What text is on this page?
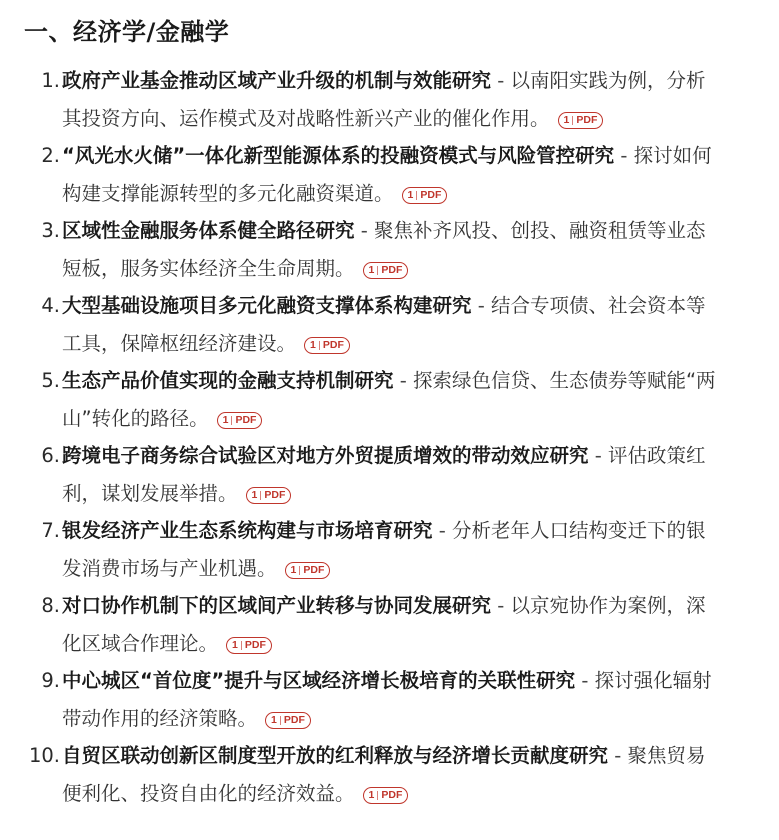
一、经济学/金融学
1. 政府产业基金推动区域产业升级的机制与效能研究 - 以南阳实践为例，分析其投资方向、运作模式及对战略性新兴产业的催化作用。 1 PDF
2. “风光水火储”一体化新型能源体系的投融资模式与风险管控研究 - 探讨如何构建支撑能源转型的多元化融资渠道。 1 PDF
3. 区域性金融服务体系健全路径研究 - 聚焦补齐风投、创投、融资租赁等业态短板，服务实体经济全生命周期。 1 PDF
4. 大型基础设施项目多元化融资支撑体系构建研究 - 结合专项债、社会资本等工具，保障枢纽经济建设。 1 PDF
5. 生态产品价值实现的金融支持机制研究 - 探索绿色信贷、生态债券等赋能“两山”转化的路径。 1 PDF
6. 跨境电子商务综合试验区对地方外贸提质增效的带动效应研究 - 评估政策红利，谋划发展举措。 1 PDF
7. 银发经济产业生态系统构建与市场培育研究 - 分析老年人口结构变迁下的银发消费市场与产业机遇。 1 PDF
8. 对口协作机制下的区域间产业转移与协同发展研究 - 以京宛协作为案例，深化区域合作理论。 1 PDF
9. 中心城区“首位度”提升与区域经济增长极培育的关联性研究 - 探讨强化辐射带动作用的经济策略。 1 PDF
10. 自贸区联动创新区制度型开放的红利释放与经济增长贡献度研究 - 聚焦贸易便利化、投资自由化的经济效益。 1 PDF
